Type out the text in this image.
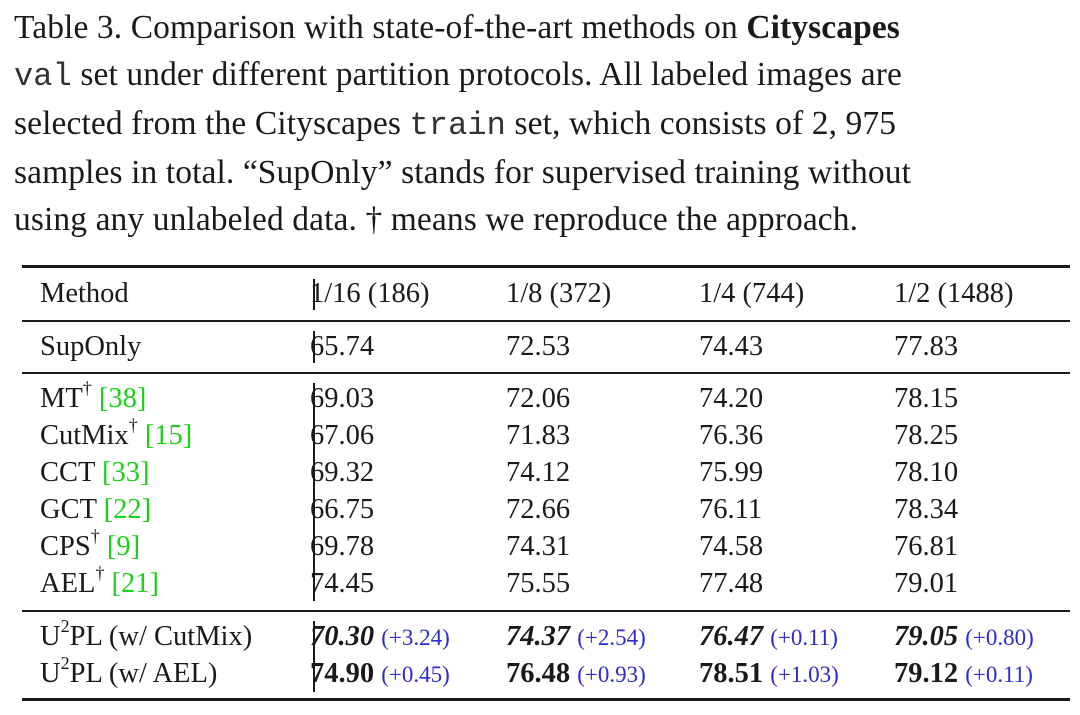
Table 3. Comparison with state-of-the-art methods on Cityscapes
val set under different partition protocols. All labeled images are
selected from the Cityscapes train set, which consists of 2, 975
samples in total. “SupOnly” stands for supervised training without
using any unlabeled data. † means we reproduce the approach.
Method	1/16 (186)	1/8 (372)	1/4 (744)	1/2 (1488)
SupOnly	65.74	72.53	74.43	77.83
MT† [38]	69.03	72.06	74.20	78.15
CutMix† [15]	67.06	71.83	76.36	78.25
CCT [33]	69.32	74.12	75.99	78.10
GCT [22]	66.75	72.66	76.11	78.34
CPS† [9]	69.78	74.31	74.58	76.81
AEL† [21]	74.45	75.55	77.48	79.01
$U^2PL$ (w/ CutMix) 70.30 (+3.24) 74.37 (+2.54) 76.47 (+0.11) 79.05 (+0.80)
$U^2PL$ (w/ AEL)	74.90 (+0.45) 76.48 (+0.93) 78.51 (+1.03) 79.12 (+0.11)
